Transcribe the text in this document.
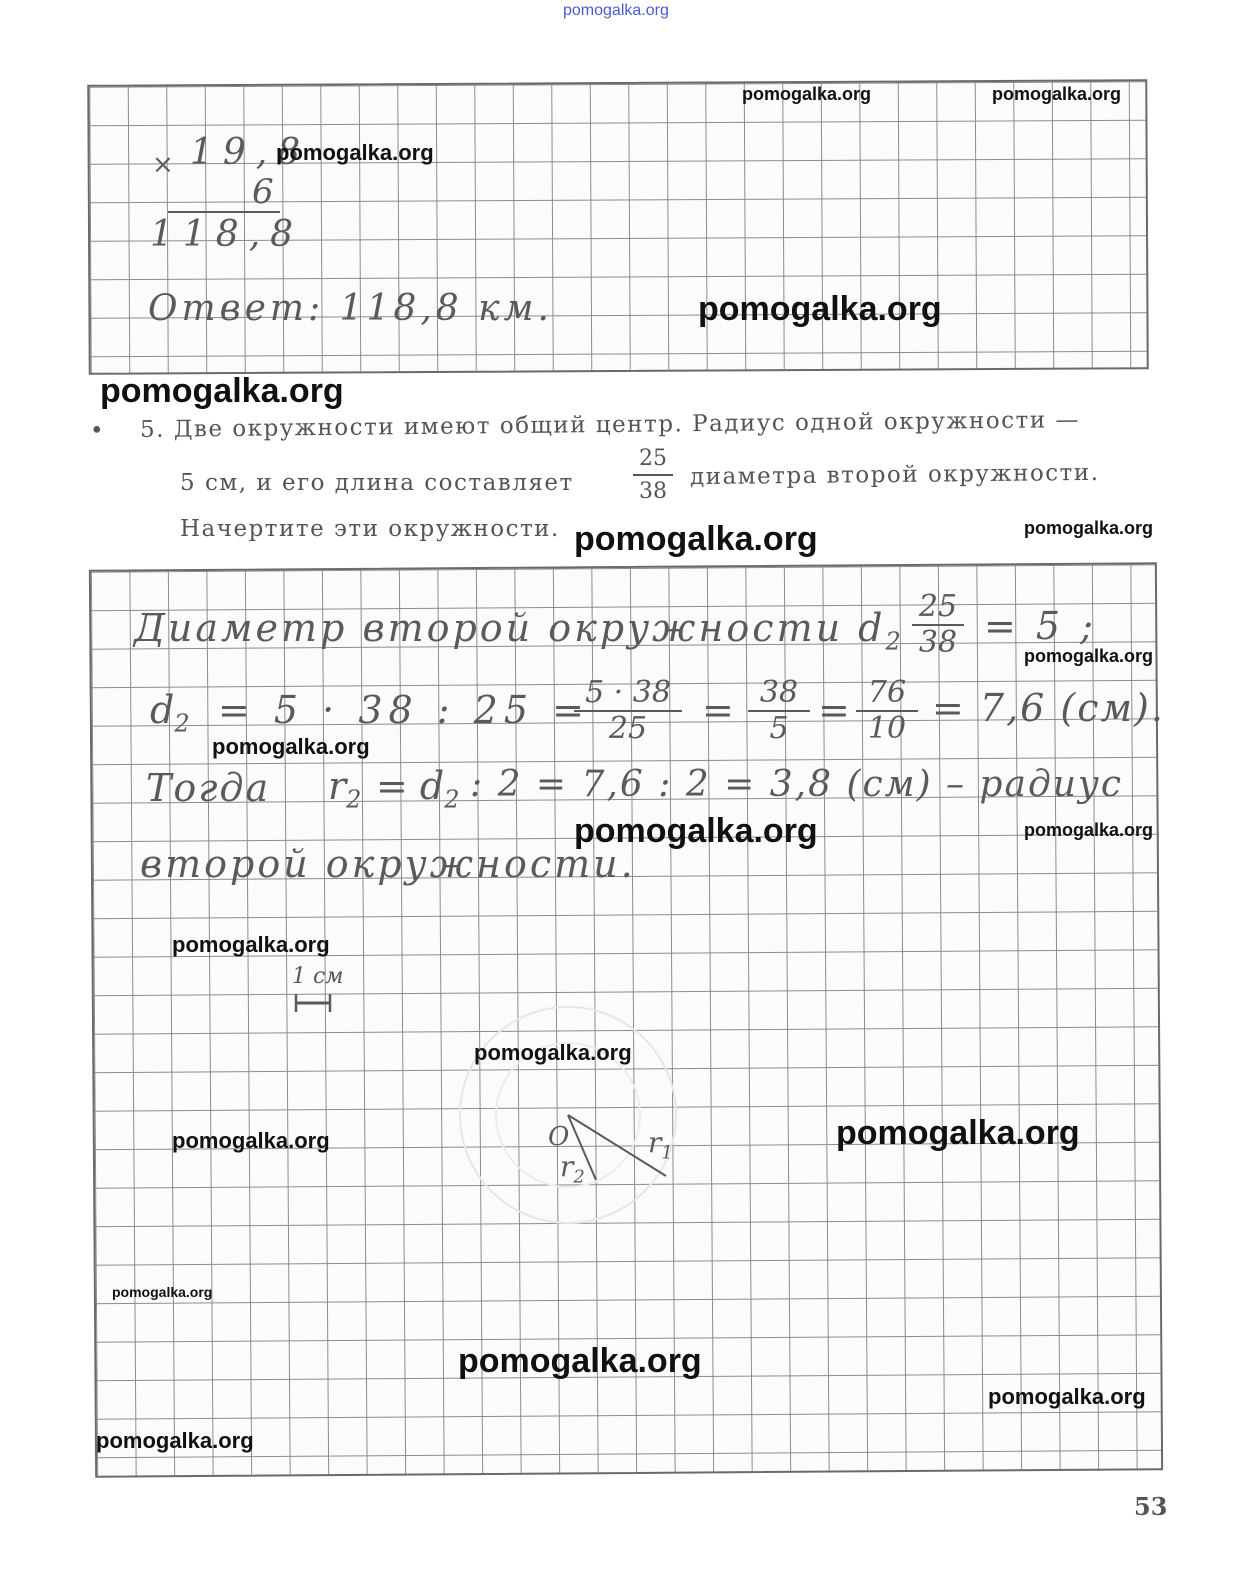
pomogalka.org
× 19,8
6
118,8
Ответ: 118,8 км.
• 5. Две окружности имеют общий центр. Радиус одной окружности —
5 см, и его длина составляет
25
38
диаметра второй окружности.
Начертите эти окружности.
Диаметр второй окружности $d_2$
25
38 = 5 ;
$d_2 = 5 \cdot 38$ : 25 =
5 · 38
25	= 38
5 = 76
10 = 7,6 (см).
Тогда $r_2 = d_2$ : 2 = 7,6 : 2 = 3,8 (см) – радиус
второй окружности.
1 см
O	$r_1$
$r_2$
pomogalka.org	pomogalka.org
pomogalka.org
pomogalka.org
pomogalka.org
pomogalka.org
pomogalka.org
pomogalka.org
pomogalka.org
pomogalka.org	pomogalka.org
pomogalka.org
pomogalka.org
pomogalka.org	pomogalka.org
pomogalka.org
pomogalka.org
pomogalka.org
pomogalka.org
53
